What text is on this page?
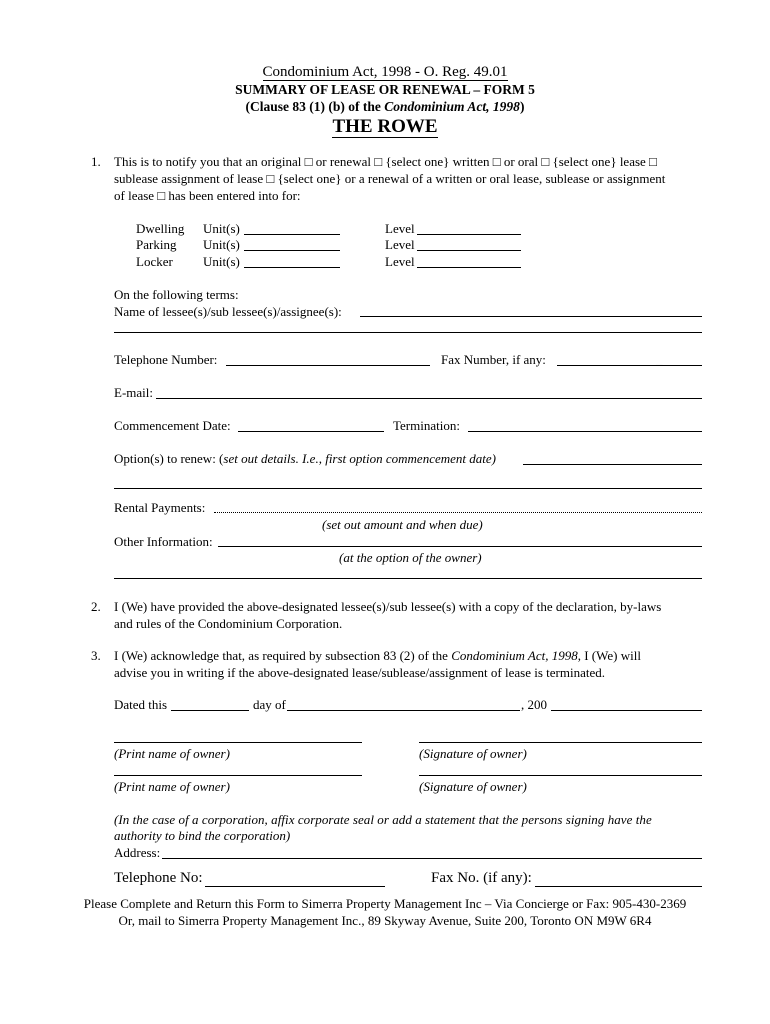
Condominium Act, 1998 - O. Reg. 49.01
SUMMARY OF LEASE OR RENEWAL – FORM 5
(Clause 83 (1) (b) of the Condominium Act, 1998)
THE ROWE
1. This is to notify you that an original □ or renewal □ {select one} written □ or oral □ {select one} lease □
sublease assignment of lease □ {select one} or a renewal of a written or oral lease, sublease or assignment
of lease □ has been entered into for:
Dwelling Unit(s)	Level
Parking Unit(s)	Level
Locker Unit(s)	Level
On the following terms:
Name of lessee(s)/sub lessee(s)/assignee(s):
Telephone Number:	Fax Number, if any:	_
E-mail:
Commencement Date:	Termination:
Option(s) to renew: (set out details. I.e., first option commencement date)
Rental Payments:
(set out amount and when due)
Other Information:
(at the option of the owner)
2. I (We) have provided the above-designated lessee(s)/sub lessee(s) with a copy of the declaration, by-laws
and rules of the Condominium Corporation.
3. I (We) acknowledge that, as required by subsection 83 (2) of the Condominium Act, 1998, I (We) will
advise you in writing if the above-designated lease/sublease/assignment of lease is terminated.
Dated this	day of	, 200
(Print name of owner)	(Signature of owner)
(Print name of owner)	(Signature of owner)
(In the case of a corporation, affix corporate seal or add a statement that the persons signing have the
authority to bind the corporation)
Address:
Telephone No:	Fax No. (if any):
Please Complete and Return this Form to Simerra Property Management Inc – Via Concierge or Fax: 905-430-2369
Or, mail to Simerra Property Management Inc., 89 Skyway Avenue, Suite 200, Toronto ON M9W 6R4
